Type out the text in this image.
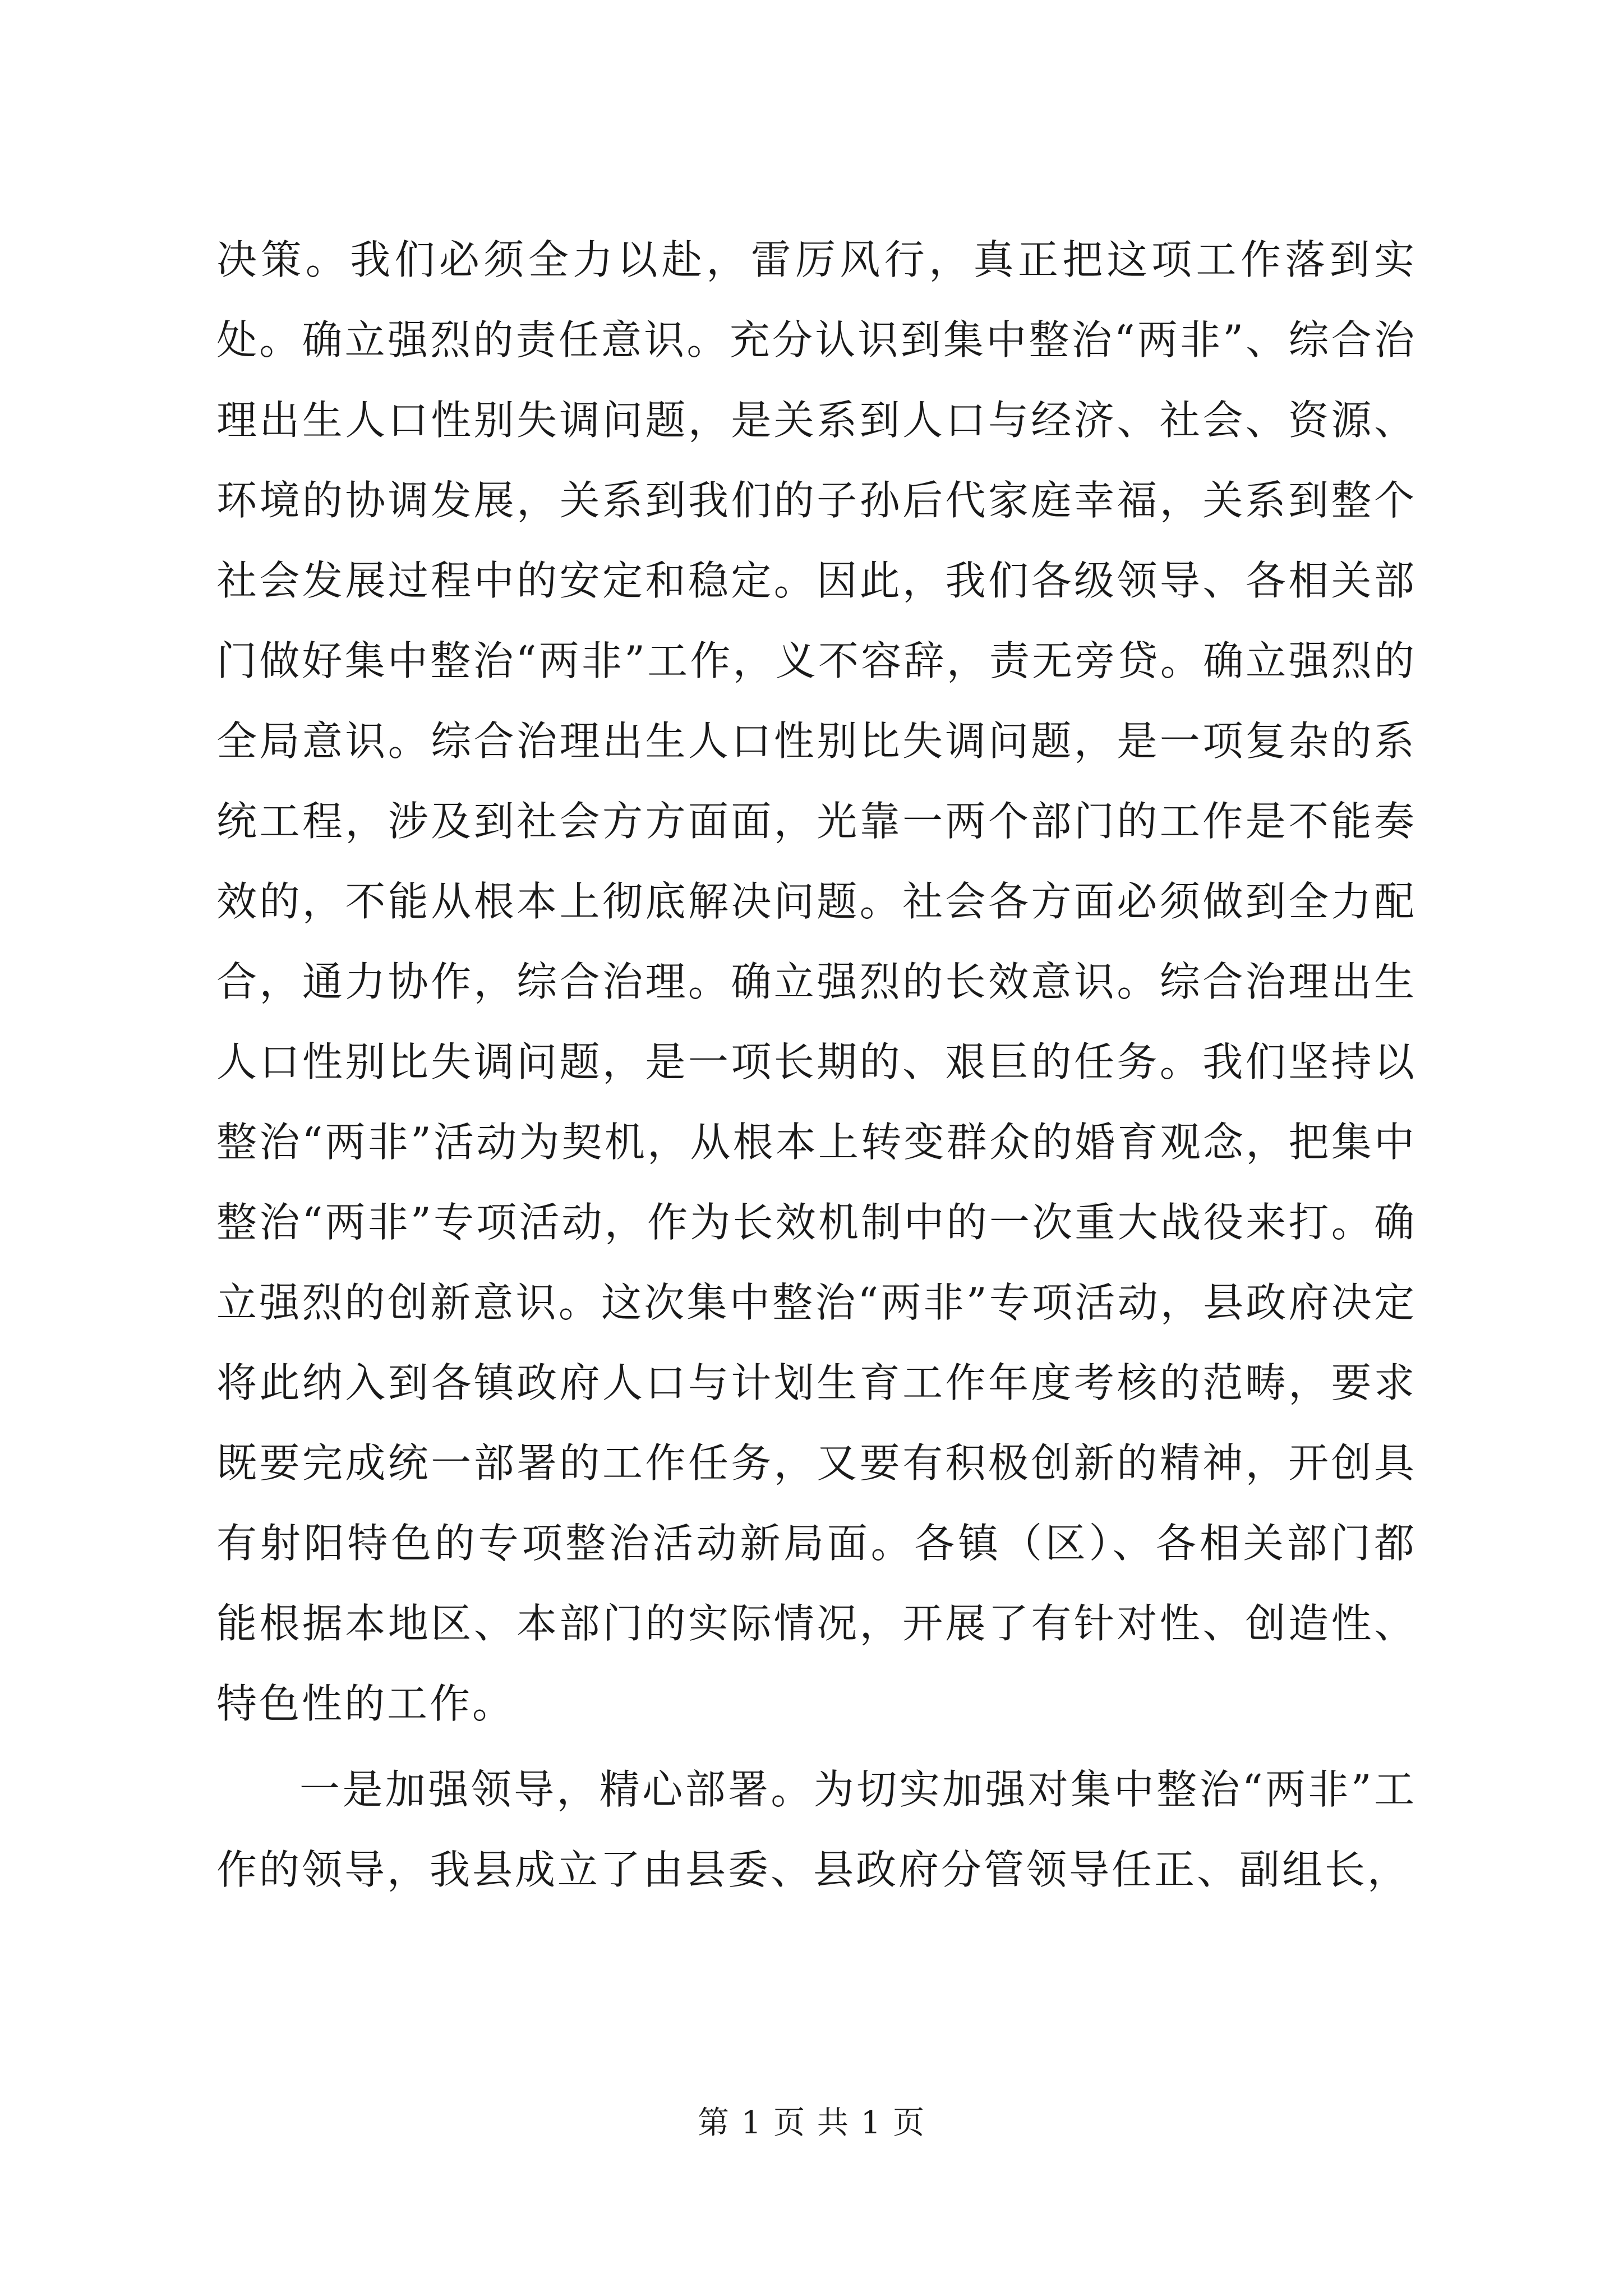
决策。我们必须全力以赴，雷厉风行，真正把这项工作落到实处。确立强烈的责任意识。充分认识到集中整治“两非”、综合治理出生人口性别失调问题，是关系到人口与经济、社会、资源、环境的协调发展，关系到我们的子孙后代家庭幸福，关系到整个社会发展过程中的安定和稳定。因此，我们各级领导、各相关部门做好集中整治“两非”工作，义不容辞，责无旁贷。确立强烈的全局意识。综合治理出生人口性别比失调问题，是一项复杂的系统工程，涉及到社会方方面面，光靠一两个部门的工作是不能奏效的，不能从根本上彻底解决问题。社会各方面必须做到全力配合，通力协作，综合治理。确立强烈的长效意识。综合治理出生人口性别比失调问题，是一项长期的、艰巨的任务。我们坚持以整治“两非”活动为契机，从根本上转变群众的婚育观念，把集中整治“两非”专项活动，作为长效机制中的一次重大战役来打。确立强烈的创新意识。这次集中整治“两非”专项活动，县政府决定将此纳入到各镇政府人口与计划生育工作年度考核的范畴，要求既要完成统一部署的工作任务，又要有积极创新的精神，开创具有射阳特色的专项整治活动新局面。各镇（区）、各相关部门都能根据本地区、本部门的实际情况，开展了有针对性、创造性、特色性的工作。

一是加强领导，精心部署。为切实加强对集中整治“两非”工作的领导，我县成立了由县委、县政府分管领导任正、副组长，

第 1 页 共 1 页
